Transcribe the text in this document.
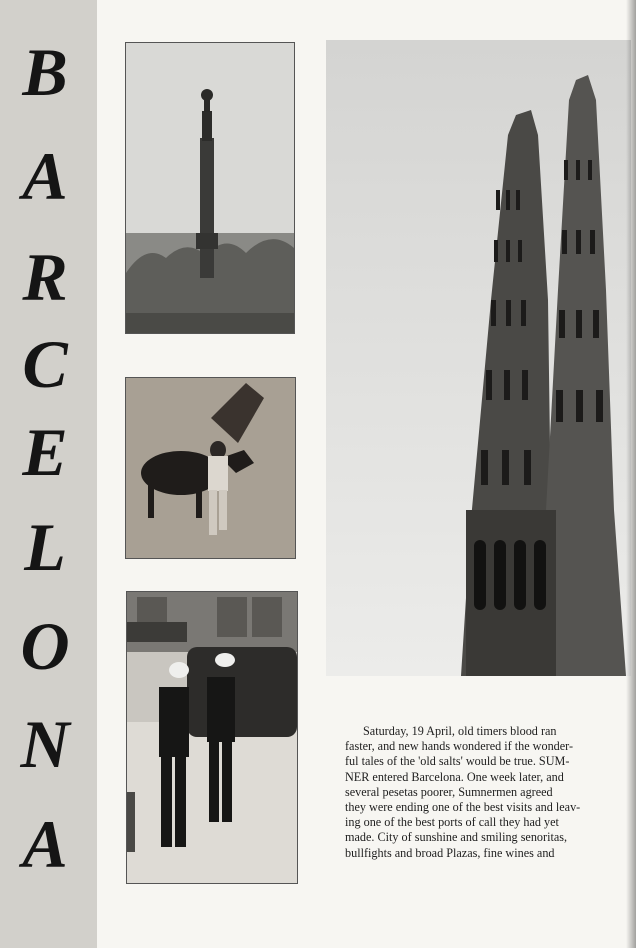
B
A
R
C
E
L
O
N
A
Saturday, 19 April, old timers blood ran
faster, and new hands wondered if the wonder-
ful tales of the 'old salts' would be true. SUM-
NER entered Barcelona. One week later, and
several pesetas poorer, Sumnermen agreed
they were ending one of the best visits and leav-
ing one of the best ports of call they had yet
made. City of sunshine and smiling senoritas,
bullfights and broad Plazas, fine wines and
